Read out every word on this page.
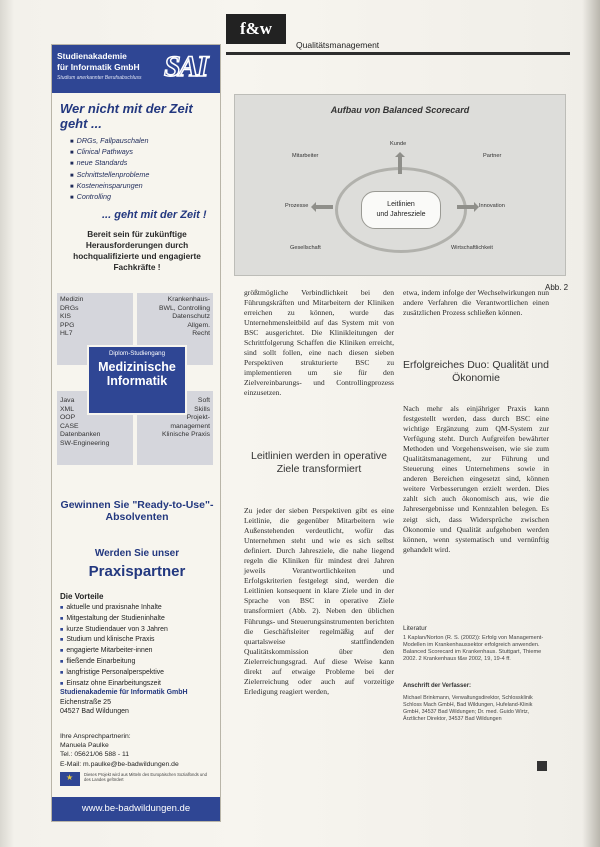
Studienakademie
für Informatik GmbH
Studium anerkannter Berufsabschluss SAI
Wer nicht mit der Zeit geht ...
■ DRGs, Fallpauschalen
■ Clinical Pathways
■ neue Standards
■ Schnittstellenprobleme
■ Kosteneinsparungen
■ Controlling
... geht mit der Zeit !
Bereit sein für zukünftige Herausforderungen durch hochqualifizierte und engagierte Fachkräfte !
Medizin
DRGs
KIS
PPG
HL7
Krankenhaus-
BWL, Controlling
Datenschutz
Allgem.
Recht
Java
XML
OOP
CASE
Datenbanken
SW-Engineering
Soft
Skills
Projekt-
management
Klinische Praxis
Diplom-Studiengang
Medizinische Informatik
Gewinnen Sie "Ready-to-Use"-Absolventen
Werden Sie unser
Praxispartner
Die Vorteile
■ aktuelle und praxisnahe Inhalte
■ Mitgestaltung der Studieninhalte
■ kurze Studiendauer von 3 Jahren
■ Studium und klinische Praxis
■ engagierte Mitarbeiter-innen
■ fließende Einarbeitung
■ langfristige Personalperspektive
■ Einsatz ohne Einarbeitungszeit
Studienakademie für Informatik GmbH
Eichenstraße 25
04527 Bad Wildungen
Ihre Ansprechpartnerin:
Manuela Paulke
Tel.: 05621/06 588 - 11
E-Mail: m.paulke@be-badwildungen.de
★
Dieses Projekt wird aus Mitteln des Europäischen Sozialfonds und des Landes gefördert
www.be-badwildungen.de
f&w
Qualitätsmanagement
Aufbau von Balanced Scorecard
Kunde
Mitarbeiter	Partner
Prozesse	Innovation
Gesellschaft	Wirtschaftlichkeit
Leitlinien
und Jahresziele
Abb. 2

größtmögliche Verbindlichkeit bei den Führungskräften und Mitarbeitern der Kliniken erreichen zu können, wurde das Unternehmensleitbild auf das System mit von BSC ausgerichtet. Die Klinikleitungen der Schrittfolgerung Schaffen die Kliniken erreicht, sind sollt follen, eine nach diesen sieben Perspektiven strukturierte BSC zu implementieren um sie für den Zielvereinbarungs- und Controllingprozess einzusetzen.

Leitlinien werden in operative Ziele transformiert

Zu jeder der sieben Perspektiven gibt es eine Leitlinie, die gegenüber Mitarbeitern wie Außenstehenden verdeutlicht, wofür das Unternehmen steht und wie es sich selbst definiert. Durch Jahresziele, die nahe liegend regeln die Kliniken für mindest drei Jahren jeweils Verantwortlichkeiten und Erfolgskriterien festgelegt sind, werden die Leitlinien konsequent in klare Ziele und in der Sprache von BSC in operative Ziele transformiert (Abb. 2). Neben den üblichen Führungs- und Steuerungsinstrumenten berichten die Geschäftsleiter regelmäßig auf der quartalsweise stattfindenden Qualitätskommission über den Zielerreichungsgrad. Auf diese Weise kann direkt auf etwaige Probleme bei der Zielerreichung oder auch auf vorzeitige Erledigung reagiert werden,

etwa, indem infolge der Wechselwirkungen nun andere Verfahren die Verantwortlichen einen zusätzlichen Prozess schließen können.

Erfolgreiches Duo: Qualität und Ökonomie

Nach mehr als einjähriger Praxis kann festgestellt werden, dass durch BSC eine wichtige Ergänzung zum QM-System zur Verfügung steht. Durch Aufgreifen bewährter Methoden und Vorgehensweisen, wie sie zum Qualitätsmanagement, zur Führung und Steuerung eines Unternehmens sowie in anderen Bereichen eingesetzt sind, können weitere Verbesserungen erzielt werden. Dies zahlt sich auch ökonomisch aus, wie die Jahresergebnisse und Kennzahlen belegen. Es zeigt sich, dass Widersprüche zwischen Ökonomie und Qualität aufgehoben werden können, wenn systematisch und vernünftig gehandelt wird.

Literatur
1 Kaplan/Norton (R. S. (2002)): Erfolg von Management-Modellen im Krankenhaussektor erfolgreich anwenden. Balanced Scorecard im Krankenhaus. Stuttgart, Thieme 2002. 2 Krankenhaus f&w 2002, 19, 19-4 ff.
Anschrift der Verfasser:
Michael Brinkmann, Verwaltungsdirektor, Schlossklinik Schloss Mach GmbH, Bad Wildungen, Hufeland-Klinik GmbH, 34537 Bad Wildungen; Dr. med. Guido Wirtz, Ärztlicher Direktor, 34537 Bad Wildungen
